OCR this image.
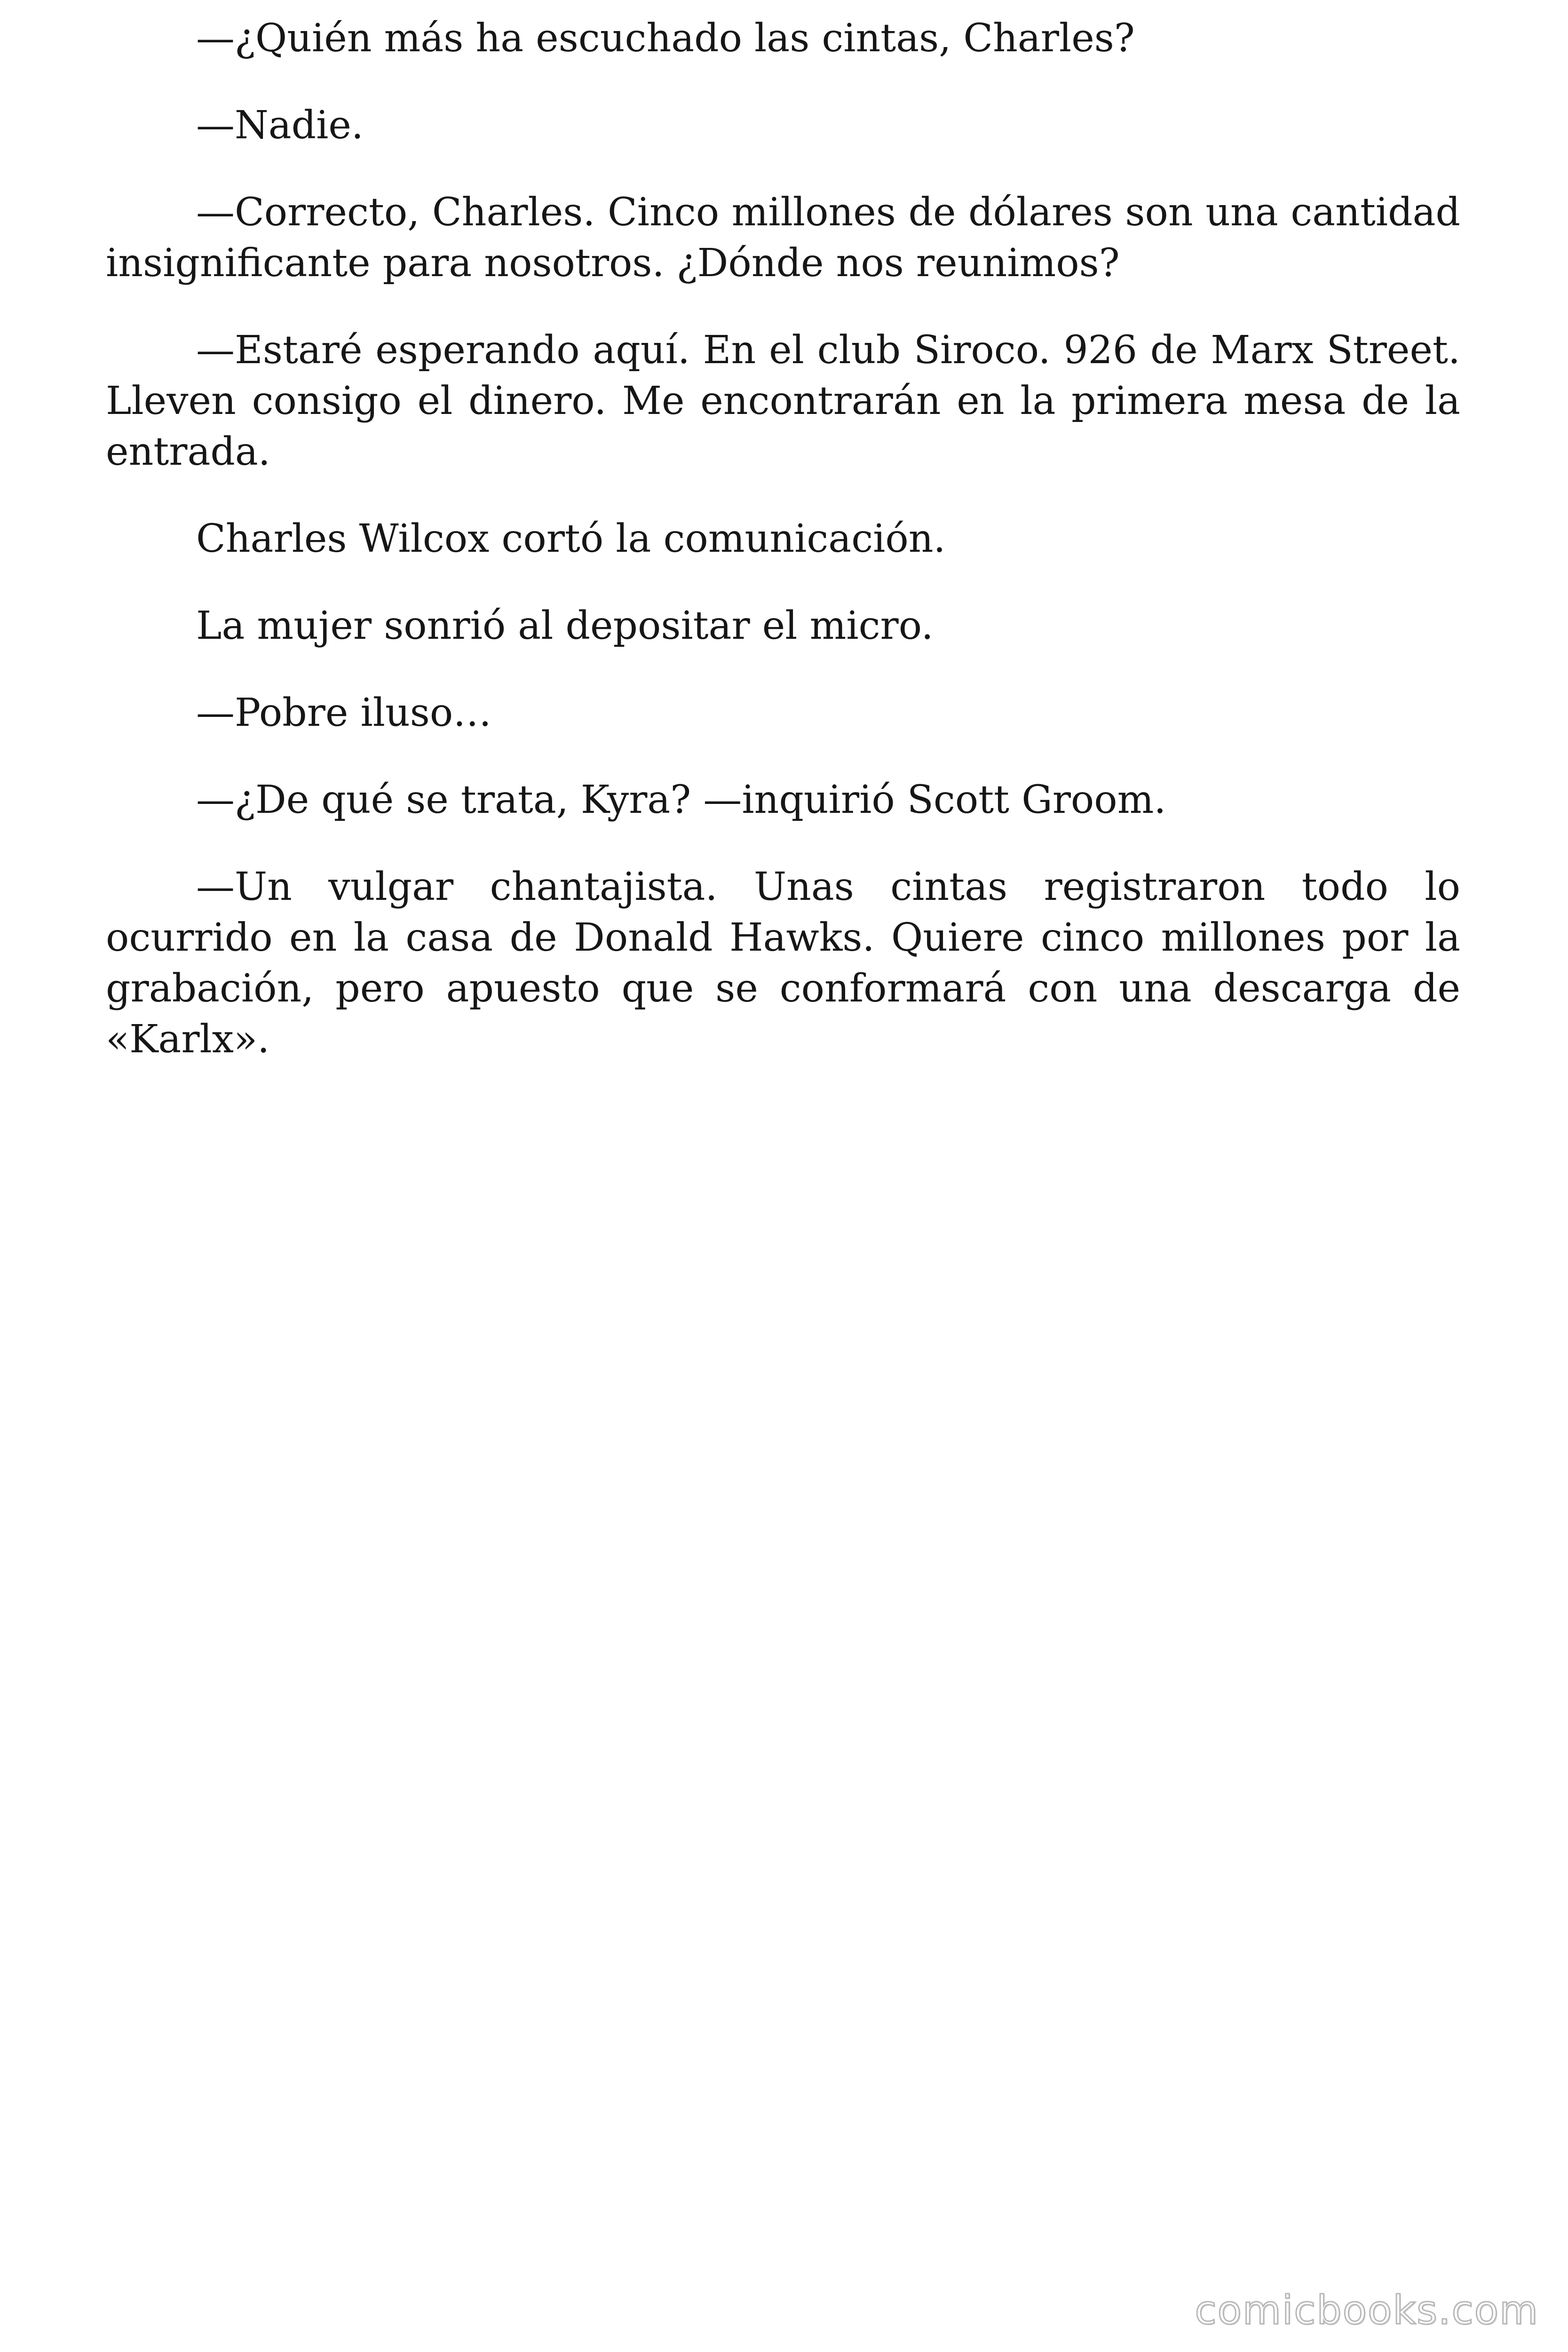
—¿Quién más ha escuchado las cintas, Charles?

—Nadie.

—Correcto, Charles. Cinco millones de dólares son una cantidad insignificante para nosotros. ¿Dónde nos reunimos?

—Estaré esperando aquí. En el club Siroco. 926 de Marx Street. Lleven consigo el dinero. Me encontrarán en la primera mesa de la entrada.

Charles Wilcox cortó la comunicación.

La mujer sonrió al depositar el micro.

—Pobre iluso…

—¿De qué se trata, Kyra? —inquirió Scott Groom.

—Un vulgar chantajista. Unas cintas registraron todo lo ocurrido en la casa de Donald Hawks. Quiere cinco millones por la grabación, pero apuesto que se conformará con una descarga de «Karlx».

comicbooks.com
